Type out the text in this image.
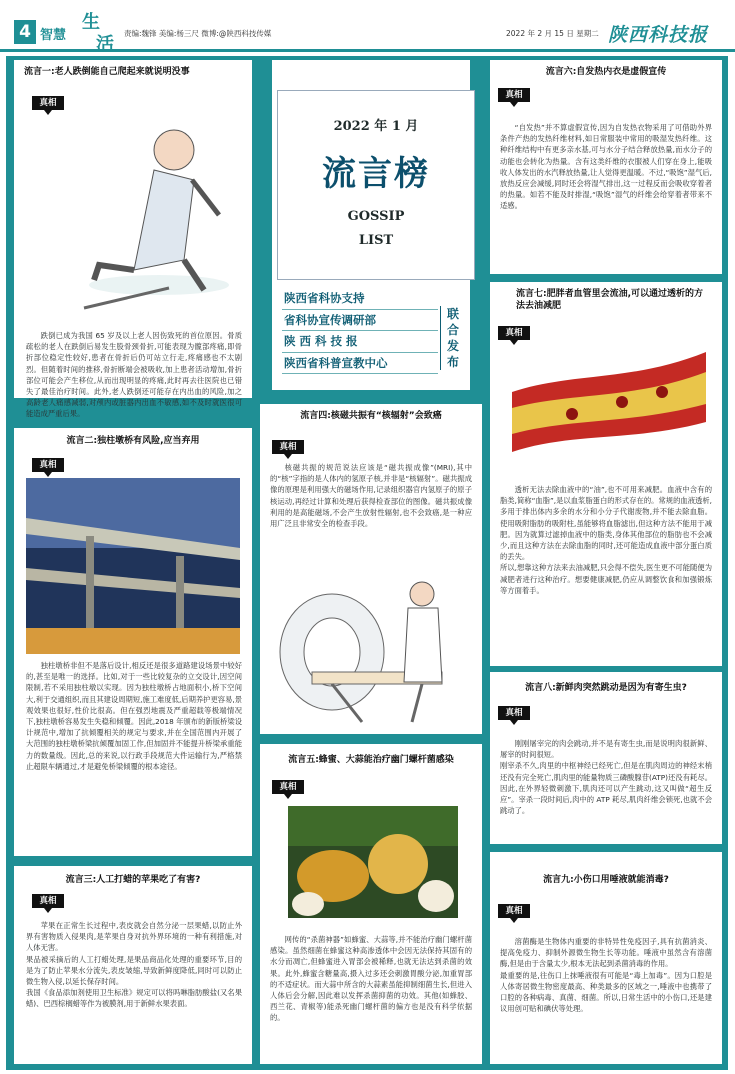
4 智慧
生
活
责编:魏锋 美编:杨三尺 微博:@陕西科技传媒	2022 年 2 月 15 日 星期二 陕西科技报
流言一:老人跌倒能自己爬起来就说明没事
真相
跌倒已成为我国 65 岁及以上老人因伤致死的首位原因。骨质疏松的老人在跌倒后易发生股骨颈骨折,可能表现为髋部疼痛,即骨折部位稳定性较好,患者在骨折后仍可站立行走,疼痛感也不太剧烈。但随着时间的推移,骨折断端会被吸收,加上患者活动增加,骨折部位可能会产生移位,从而出现明显的疼痛,此时再去往医院也已错失了最佳治疗时间。此外,老人跌倒还可能存在内出血的风险,加之高龄老人痛感减弱,对颅内或脏器内出血不敏感,如不及时就医很可能造成严重后果。
流言二:独柱墩桥有风险,应当弃用
真相
独柱墩桥非但不是落后设计,相反还是很多道路建设场景中较好的,甚至是唯一的选择。比如,对于一些比较复杂的立交设计,因空间限制,若不采用独柱墩以实现。因为独柱墩桥占地面积小,桥下空间大,利于交通组织,而且其建设周期短,施工难度低,后期养护更容易,景观效果也很好,性价比很高。但在强烈地震及严重超载等极端情况下,独柱墩桥容易发生失稳和倾覆。因此,2018 年颁布的新版桥梁设计规范中,增加了抗倾覆相关的规定与要求,并在全国范围内开展了大范围的独柱墩桥梁抗倾覆加固工作,但加固并不能提升桥梁承重能力的数量级。因此,总的来说,以行政手段规范大件运输行为,严格禁止超限车辆通过,才是避免桥梁倾覆的根本途径。
流言三:人工打蜡的苹果吃了有害?
真相
苹果在正常生长过程中,表皮就会自然分泌一层果蜡,以防止外界有害物质入侵果肉,是苹果自身对抗外界环境的一种有利措施,对人体无害。
果品被采摘后的人工打蜡处理,是果品商品化处理的重要环节,目的是为了防止苹果水分流失,表皮皱缩,导致新鲜度降低,同时可以防止微生物入侵,以延长保存时间。
我国《食品添加剂使用卫生标准》规定可以将吗啉脂肪酸盐(又名果蜡)、巴西棕榈蜡等作为被膜剂,用于新鲜水果表面。
2022 年 1 月
流言榜
GOSSIP
LIST
陕西省科协支持
省科协宣传调研部
陕 西 科 技 报
陕西省科普宣教中心
联合发布
流言四:核磁共振有“核辐射”会致癌
真相
核磁共振的规范说法应该是“磁共振成像”(MRI),其中的“核”字指的是人体内的氢原子核,并非是“核辐射”。磁共振成像的原理是利用强大的磁场作用,记录组织器官内氢原子的原子核运动,再经过计算和处理后获得检查部位的图像。磁共振成像利用的是高能磁场,不会产生放射性辐射,也不会致癌,是一种应用广泛且非常安全的检查手段。
流言五:蜂蜜、大蒜能治疗幽门螺杆菌感染
真相
网传的“杀菌神器”如蜂蜜、大蒜等,并不能治疗幽门螺杆菌感染。虽然细菌在蜂蜜这种高渗透体中会因无法保持其固有的水分而凋亡,但蜂蜜进入胃部会被稀释,也就无法达到杀菌的效果。此外,蜂蜜含糖量高,摄入过多还会刺激胃酸分泌,加重胃部的不适症状。而大蒜中所含的大蒜素虽能抑制细菌生长,但进入人体后会分解,因此难以发挥杀菌抑菌的功效。其他(如蜂胶、西兰花、青椒等)能杀死幽门螺杆菌的偏方也是没有科学依据的。
流言六:自发热内衣是虚假宣传
真相
“自发热”并不算虚假宣传,因为自发热衣物采用了可借助外界条件产热的发热纤维材料,如日常服装中常用的吸湿发热纤维。这种纤维结构中有更多亲水基,可与水分子结合释放热量,而水分子的动能也会转化为热量。含有这类纤维的衣服被人们穿在身上,能吸收人体发出的水汽释放热量,让人觉得更温暖。不过,“吸饱”湿气后,放热反应会减缓,同时还会将湿气排出,这一过程反而会吸收穿着者的热量。如若不能及时排湿,“吸饱”湿气的纤维会给穿着者带来不适感。
流言七:肥胖者血管里会流油,可以通过透析的方法去油减肥
真相
透析无法去除血液中的“油”,也不可用来减肥。血液中含有的脂类,简称“血脂”,是以血浆脂蛋白的形式存在的。常规的血液透析,多用于排出体内多余的水分和小分子代谢废物,并不能去除血脂。使用吸附脂肪的吸附柱,虽能够将血脂滤出,但这种方法不能用于减肥。因为就算过滤掉血液中的脂类,身体其他部位的脂肪也不会减少,而且这种方法在去除血脂的同时,还可能造成血液中部分蛋白质的丢失。
所以,想靠这种方法来去油减肥,只会得不偿失,医生更不可能随便为减肥者进行这种治疗。想要健康减肥,仍应从调整饮食和加强锻炼等方面着手。
流言八:新鲜肉突然跳动是因为有寄生虫?
真相
刚刚屠宰完的肉会跳动,并不是有寄生虫,而是说明肉很新鲜、屠宰的时间很短。
刚宰杀不久,肉里的中枢神经已经死亡,但是在肌肉周边的神经末梢还没有完全死亡,肌肉里的能量物质三磷酸腺苷(ATP)还没有耗尽。因此,在外界轻微刺激下,肌肉还可以产生跳动,这又叫做“超生反应”。宰杀一段时间后,肉中的 ATP 耗尽,肌肉纤维会锁死,也就不会跳动了。
流言九:小伤口用唾液就能消毒?
真相
溶菌酶是生物体内重要的非特异性免疫因子,具有抗菌消炎、提高免疫力、抑制外源微生物生长等功能。唾液中虽然含有溶菌酶,但是由于含量太少,根本无法起到杀菌消毒的作用。
最重要的是,往伤口上抹唾液很有可能是“毒上加毒”。因为口腔是人体寄居微生物密度最高、种类最多的区域之一,唾液中也携带了口腔的各种病毒、真菌、细菌。所以,日常生活中的小伤口,还是建议用创可贴和碘伏等处理。
